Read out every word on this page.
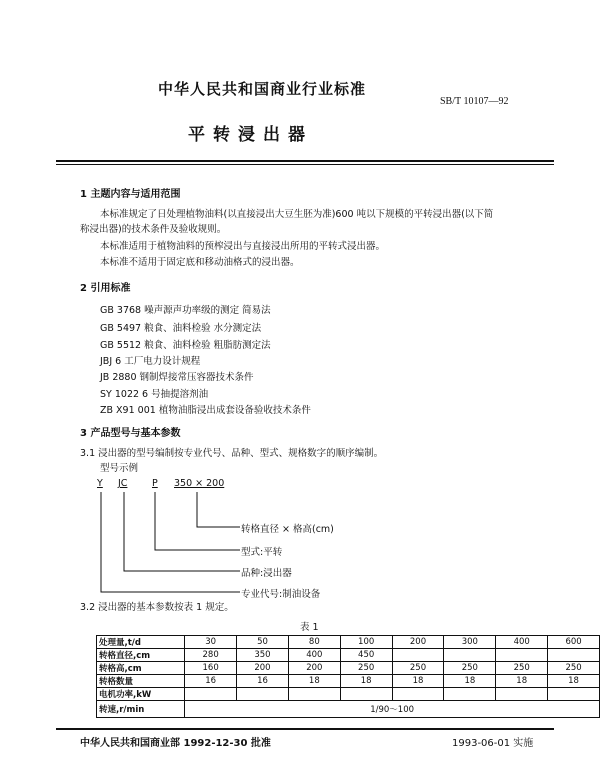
中华人民共和国商业行业标准
SB/T 10107—92
平转浸出器
1 主题内容与适用范围
本标准规定了日处理植物油料(以直接浸出大豆生胚为准)600 吨以下规模的平转浸出器(以下简
称浸出器)的技术条件及验收规则。
本标准适用于植物油料的预榨浸出与直接浸出所用的平转式浸出器。
本标准不适用于固定底和移动油格式的浸出器。
2 引用标准
GB 3768 噪声源声功率级的测定 简易法
GB 5497 粮食、油料检验 水分测定法
GB 5512 粮食、油料检验 粗脂肪测定法
JBJ 6 工厂电力设计规程
JB 2880 钢制焊接常压容器技术条件
SY 1022 6 号抽提溶剂油
ZB X91 001 植物油脂浸出成套设备验收技术条件
3 产品型号与基本参数
3.1 浸出器的型号编制按专业代号、品种、型式、规格数字的顺序编制。
型号示例
Y JC	P 350 × 200
转格直径 × 格高(cm)
型式:平转
品种:浸出器
专业代号:制油设备
3.2 浸出器的基本参数按表 1 规定。
表 1
处理量,t/d	30	50	80	100	200	300	400	600
转格直径,cm	280	350	400	450				
转格高,cm	160	200	200	250	250	250	250	250
转格数量	16	16	18	18	18	18	18	18
电机功率,kW								
转速,r/min	1/90～100							
中华人民共和国商业部 1992-12-30 批准	1993-06-01 实施
